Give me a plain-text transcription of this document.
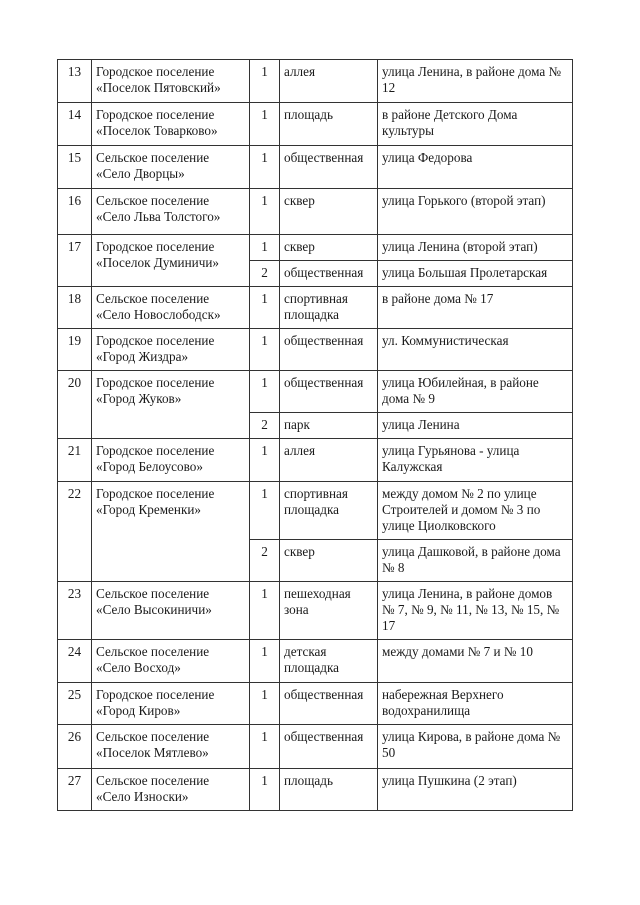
13	Городское поселение «Поселок Пятовский»	1	аллея	улица Ленина, в районе дома № 12
14	Городское поселение «Поселок Товарково»	1	площадь	в районе Детского Дома культуры
15	Сельское поселение «Село Дворцы»	1	общественная	улица Федорова
16	Сельское поселение «Село Льва Толстого»	1	сквер	улица Горького (второй этап)
17	Городское поселение «Поселок Думиничи»	1	сквер	улица Ленина (второй этап)
		2	общественная	улица Большая Пролетарская
18	Сельское поселение «Село Новослободск»	1	спортивная площадка	в районе дома № 17
19	Городское поселение «Город Жиздра»	1	общественная	ул. Коммунистическая
20	Городское поселение «Город Жуков»	1	общественная	улица Юбилейная, в районе дома № 9
		2	парк	улица Ленина
21	Городское поселение «Город Белоусово»	1	аллея	улица Гурьянова - улица Калужская
22	Городское поселение «Город Кременки»	1	спортивная площадка	между домом № 2 по улице Строителей и домом № 3 по улице Циолковского
		2	сквер	улица Дашковой, в районе дома № 8
23	Сельское поселение «Село Высокиничи»	1	пешеходная зона	улица Ленина, в районе домов № 7, № 9, № 11, № 13, № 15, № 17
24	Сельское поселение «Село Восход»	1	детская площадка	между домами № 7 и № 10
25	Городское поселение «Город Киров»	1	общественная	набережная Верхнего водохранилища
26	Сельское поселение «Поселок Мятлево»	1	общественная	улица Кирова, в районе дома № 50
27	Сельское поселение «Село Износки»	1	площадь	улица Пушкина (2 этап)
